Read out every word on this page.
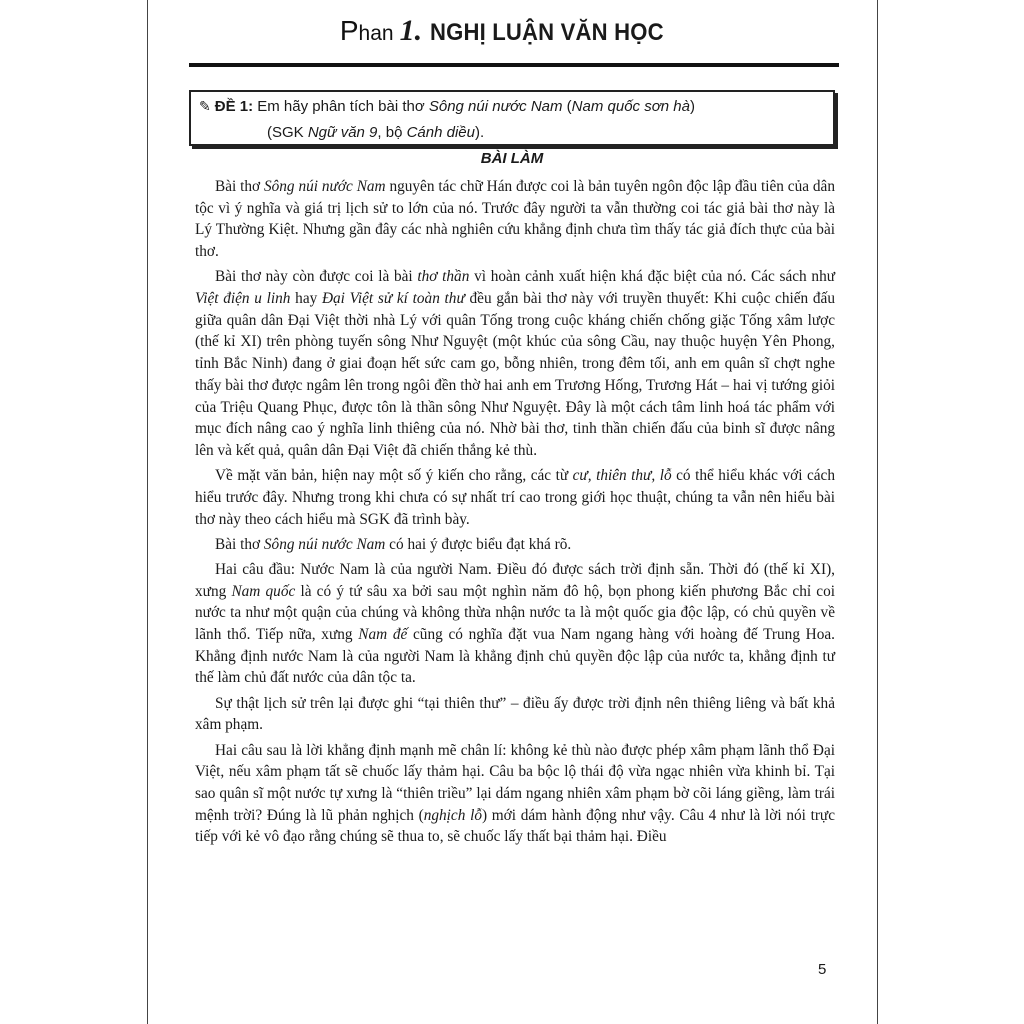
Phan 1. NGHỊ LUẬN VĂN HỌC
✎ ĐỀ 1: Em hãy phân tích bài thơ Sông núi nước Nam (Nam quốc sơn hà)
(SGK Ngữ văn 9, bộ Cánh diều).
BÀI LÀM

Bài thơ Sông núi nước Nam nguyên tác chữ Hán được coi là bản tuyên ngôn độc lập đầu tiên của dân tộc vì ý nghĩa và giá trị lịch sử to lớn của nó. Trước đây người ta vẫn thường coi tác giả bài thơ này là Lý Thường Kiệt. Nhưng gần đây các nhà nghiên cứu khẳng định chưa tìm thấy tác giả đích thực của bài thơ.

Bài thơ này còn được coi là bài thơ thần vì hoàn cảnh xuất hiện khá đặc biệt của nó. Các sách như Việt điện u linh hay Đại Việt sử kí toàn thư đều gắn bài thơ này với truyền thuyết: Khi cuộc chiến đấu giữa quân dân Đại Việt thời nhà Lý với quân Tống trong cuộc kháng chiến chống giặc Tống xâm lược (thế kỉ XI) trên phòng tuyến sông Như Nguyệt (một khúc của sông Cầu, nay thuộc huyện Yên Phong, tỉnh Bắc Ninh) đang ở giai đoạn hết sức cam go, bỗng nhiên, trong đêm tối, anh em quân sĩ chợt nghe thấy bài thơ được ngâm lên trong ngôi đền thờ hai anh em Trương Hống, Trương Hát – hai vị tướng giỏi của Triệu Quang Phục, được tôn là thần sông Như Nguyệt. Đây là một cách tâm linh hoá tác phẩm với mục đích nâng cao ý nghĩa linh thiêng của nó. Nhờ bài thơ, tinh thần chiến đấu của binh sĩ được nâng lên và kết quả, quân dân Đại Việt đã chiến thắng kẻ thù.

Về mặt văn bản, hiện nay một số ý kiến cho rằng, các từ cư, thiên thư, lỗ có thể hiểu khác với cách hiểu trước đây. Nhưng trong khi chưa có sự nhất trí cao trong giới học thuật, chúng ta vẫn nên hiểu bài thơ này theo cách hiểu mà SGK đã trình bày.

Bài thơ Sông núi nước Nam có hai ý được biểu đạt khá rõ.

Hai câu đầu: Nước Nam là của người Nam. Điều đó được sách trời định sẵn. Thời đó (thế kỉ XI), xưng Nam quốc là có ý tứ sâu xa bởi sau một nghìn năm đô hộ, bọn phong kiến phương Bắc chỉ coi nước ta như một quận của chúng và không thừa nhận nước ta là một quốc gia độc lập, có chủ quyền về lãnh thổ. Tiếp nữa, xưng Nam đế cũng có nghĩa đặt vua Nam ngang hàng với hoàng đế Trung Hoa. Khẳng định nước Nam là của người Nam là khẳng định chủ quyền độc lập của nước ta, khẳng định tư thế làm chủ đất nước của dân tộc ta.

Sự thật lịch sử trên lại được ghi “tại thiên thư” – điều ấy được trời định nên thiêng liêng và bất khả xâm phạm.

Hai câu sau là lời khẳng định mạnh mẽ chân lí: không kẻ thù nào được phép xâm phạm lãnh thổ Đại Việt, nếu xâm phạm tất sẽ chuốc lấy thảm hại. Câu ba bộc lộ thái độ vừa ngạc nhiên vừa khinh bỉ. Tại sao quân sĩ một nước tự xưng là “thiên triều” lại dám ngang nhiên xâm phạm bờ cõi láng giềng, làm trái mệnh trời? Đúng là lũ phản nghịch (nghịch lỗ) mới dám hành động như vậy. Câu 4 như là lời nói trực tiếp với kẻ vô đạo rằng chúng sẽ thua to, sẽ chuốc lấy thất bại thảm hại. Điều

5
